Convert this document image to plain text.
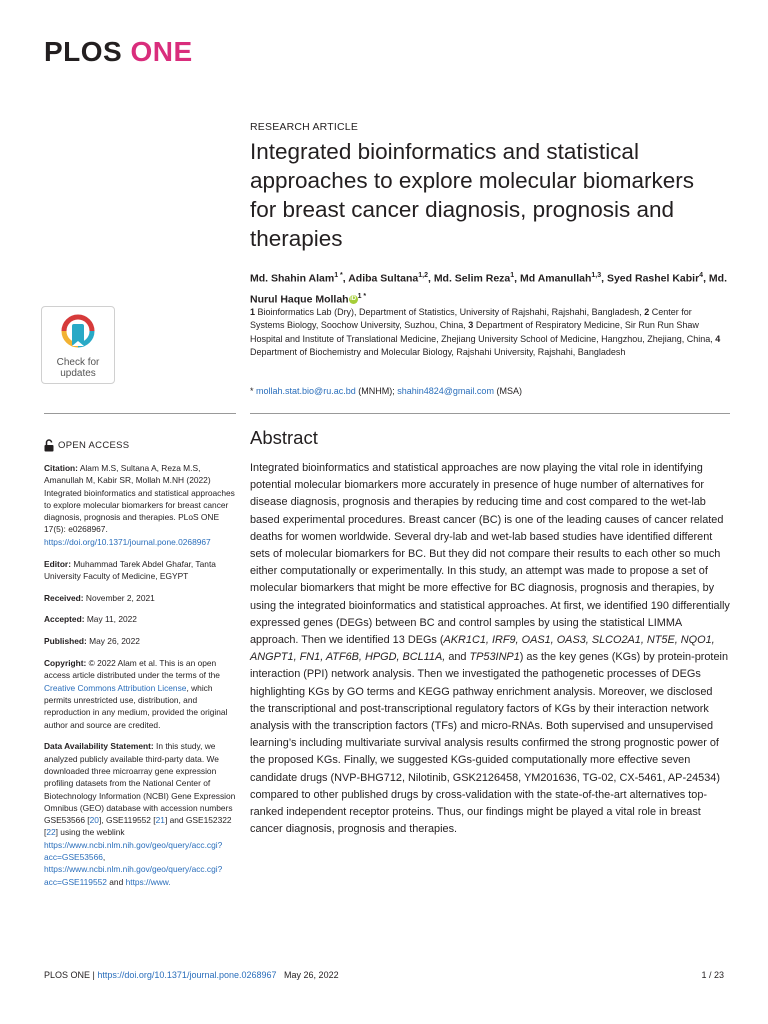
PLOS ONE
Check for
updates
RESEARCH ARTICLE
Integrated bioinformatics and statistical approaches to explore molecular biomarkers for breast cancer diagnosis, prognosis and therapies
Md. Shahin Alam$^{1 *}$, Adiba Sultana$^{1,2}$, Md. Selim Reza$^1$, Md Amanullah$^{1,3}$, Syed Rashel Kabir$^4$, Md. Nurul Haque Mollah iD $^{1 *}$
1 Bioinformatics Lab (Dry), Department of Statistics, University of Rajshahi, Rajshahi, Bangladesh, 2 Center for Systems Biology, Soochow University, Suzhou, China, 3 Department of Respiratory Medicine, Sir Run Run Shaw Hospital and Institute of Translational Medicine, Zhejiang University School of Medicine, Hangzhou, Zhejiang, China, 4 Department of Biochemistry and Molecular Biology, Rajshahi University, Rajshahi, Bangladesh
* mollah.stat.bio@ru.ac.bd (MNHM); shahin4824@gmail.com (MSA)
OPEN ACCESS

Citation: Alam M.S, Sultana A, Reza M.S, Amanullah M, Kabir SR, Mollah M.NH (2022) Integrated bioinformatics and statistical approaches to explore molecular biomarkers for breast cancer diagnosis, prognosis and therapies. PLoS ONE 17(5): e0268967. https://doi.org/10.1371/journal.pone.0268967

Editor: Muhammad Tarek Abdel Ghafar, Tanta University Faculty of Medicine, EGYPT

Received: November 2, 2021

Accepted: May 11, 2022

Published: May 26, 2022

Copyright: © 2022 Alam et al. This is an open access article distributed under the terms of the Creative Commons Attribution License, which permits unrestricted use, distribution, and reproduction in any medium, provided the original author and source are credited.

Data Availability Statement: In this study, we analyzed publicly available third-party data. We downloaded three microarray gene expression profiling datasets from the National Center of Biotechnology Information (NCBI) Gene Expression Omnibus (GEO) database with accession numbers GSE53566 [20], GSE119552 [21] and GSE152322 [22] using the weblink https://www.ncbi.nlm.nih.gov/geo/query/acc.cgi?acc=GSE53566, https://www.ncbi.nlm.nih.gov/geo/query/acc.cgi?acc=GSE119552 and https://www.

Abstract

Integrated bioinformatics and statistical approaches are now playing the vital role in identifying potential molecular biomarkers more accurately in presence of huge number of alternatives for disease diagnosis, prognosis and therapies by reducing time and cost compared to the wet-lab based experimental procedures. Breast cancer (BC) is one of the leading causes of cancer related deaths for women worldwide. Several dry-lab and wet-lab based studies have identified different sets of molecular biomarkers for BC. But they did not compare their results to each other so much either computationally or experimentally. In this study, an attempt was made to propose a set of molecular biomarkers that might be more effective for BC diagnosis, prognosis and therapies, by using the integrated bioinformatics and statistical approaches. At first, we identified 190 differentially expressed genes (DEGs) between BC and control samples by using the statistical LIMMA approach. Then we identified 13 DEGs (AKR1C1, IRF9, OAS1, OAS3, SLCO2A1, NT5E, NQO1, ANGPT1, FN1, ATF6B, HPGD, BCL11A, and TP53INP1) as the key genes (KGs) by protein-protein interaction (PPI) network analysis. Then we investigated the pathogenetic processes of DEGs highlighting KGs by GO terms and KEGG pathway enrichment analysis. Moreover, we disclosed the transcriptional and post-transcriptional regulatory factors of KGs by their interaction network analysis with the transcription factors (TFs) and micro-RNAs. Both supervised and unsupervised learning’s including multivariate survival analysis results confirmed the strong prognostic power of the proposed KGs. Finally, we suggested KGs-guided computationally more effective seven candidate drugs (NVP-BHG712, Nilotinib, GSK2126458, YM201636, TG-02, CX-5461, AP-24534) compared to other published drugs by cross-validation with the state-of-the-art alternatives top-ranked independent receptor proteins. Thus, our findings might be played a vital role in breast cancer diagnosis, prognosis and therapies.

PLOS ONE | https://doi.org/10.1371/journal.pone.0268967 May 26, 2022	1 / 23
